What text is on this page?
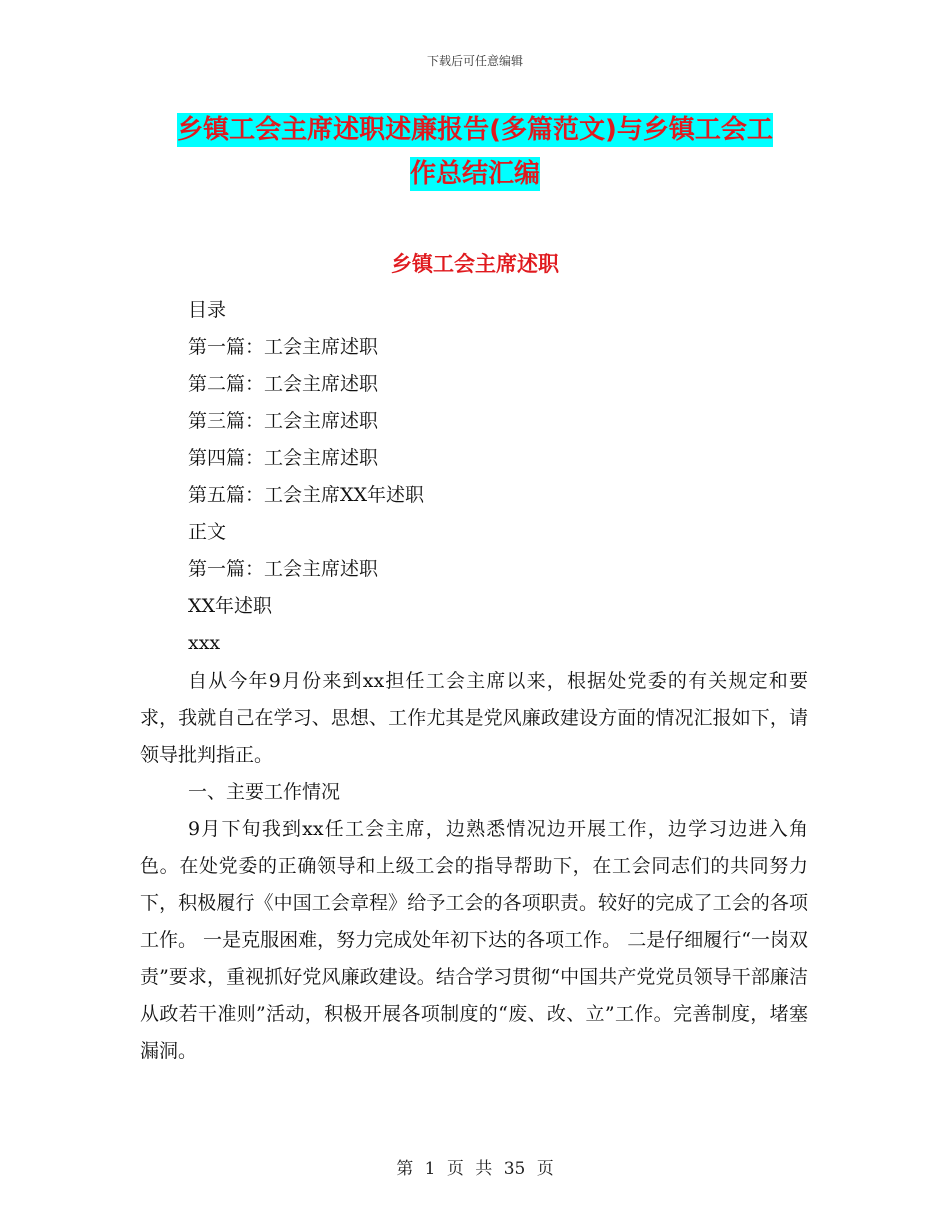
下载后可任意编辑
乡镇工会主席述职述廉报告(多篇范文)与乡镇工会工
作总结汇编
乡镇工会主席述职
目录
第一篇：工会主席述职
第二篇：工会主席述职
第三篇：工会主席述职
第四篇：工会主席述职
第五篇：工会主席XX年述职
正文
第一篇：工会主席述职
XX年述职
xxx

自从今年9月份来到xx担任工会主席以来，根据处党委的有关规定和要求，我就自己在学习、思想、工作尤其是党风廉政建设方面的情况汇报如下，请领导批判指正。

一、主要工作情况

9月下旬我到xx任工会主席，边熟悉情况边开展工作，边学习边进入角色。在处党委的正确领导和上级工会的指导帮助下，在工会同志们的共同努力下，积极履行《中国工会章程》给予工会的各项职责。较好的完成了工会的各项工作。 一是克服困难，努力完成处年初下达的各项工作。 二是仔细履行“一岗双责”要求，重视抓好党风廉政建设。结合学习贯彻“中国共产党党员领导干部廉洁从政若干准则”活动，积极开展各项制度的“废、改、立”工作。完善制度，堵塞漏洞。

第 1 页 共 35 页
